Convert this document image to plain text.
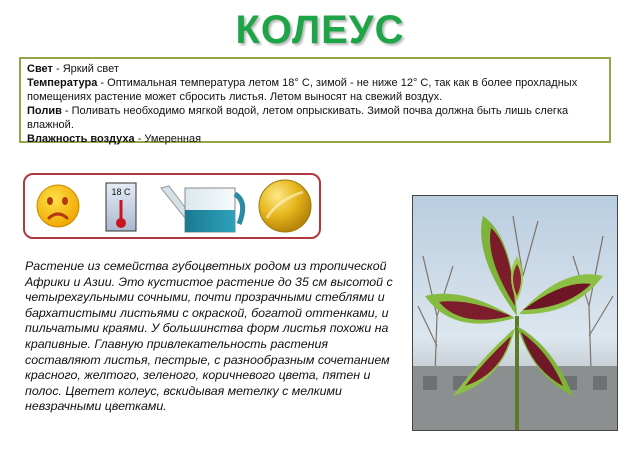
КОЛЕУС

Свет - Яркий свет

Температура - Оптимальная температура летом 18° С, зимой - не ниже 12° С, так как в более прохладных помещениях растение может сбросить листья. Летом выносят на свежий воздух.

Полив - Поливать необходимо мягкой водой, летом опрыскивать. Зимой почва должна быть лишь слегка влажной.

Влажность воздуха - Умеренная

18 С

Растение из семейства губоцветных родом из тропической Африки и Азии. Это кустистое растение до 35 см высотой с четырехгульными сочными, почти прозрачными стеблями и бархатистыми листьями с окраской, богатой оттенками, и пильчатыми краями. У большинства форм листья похожи на крапивные. Главную привлекательность растения составляют листья, пестрые, с разнообразным сочетанием красного, желтого, зеленого, коричневого цвета, пятен и полос. Цветет колеус, вскидывая метелку с мелкими невзрачными цветками.
